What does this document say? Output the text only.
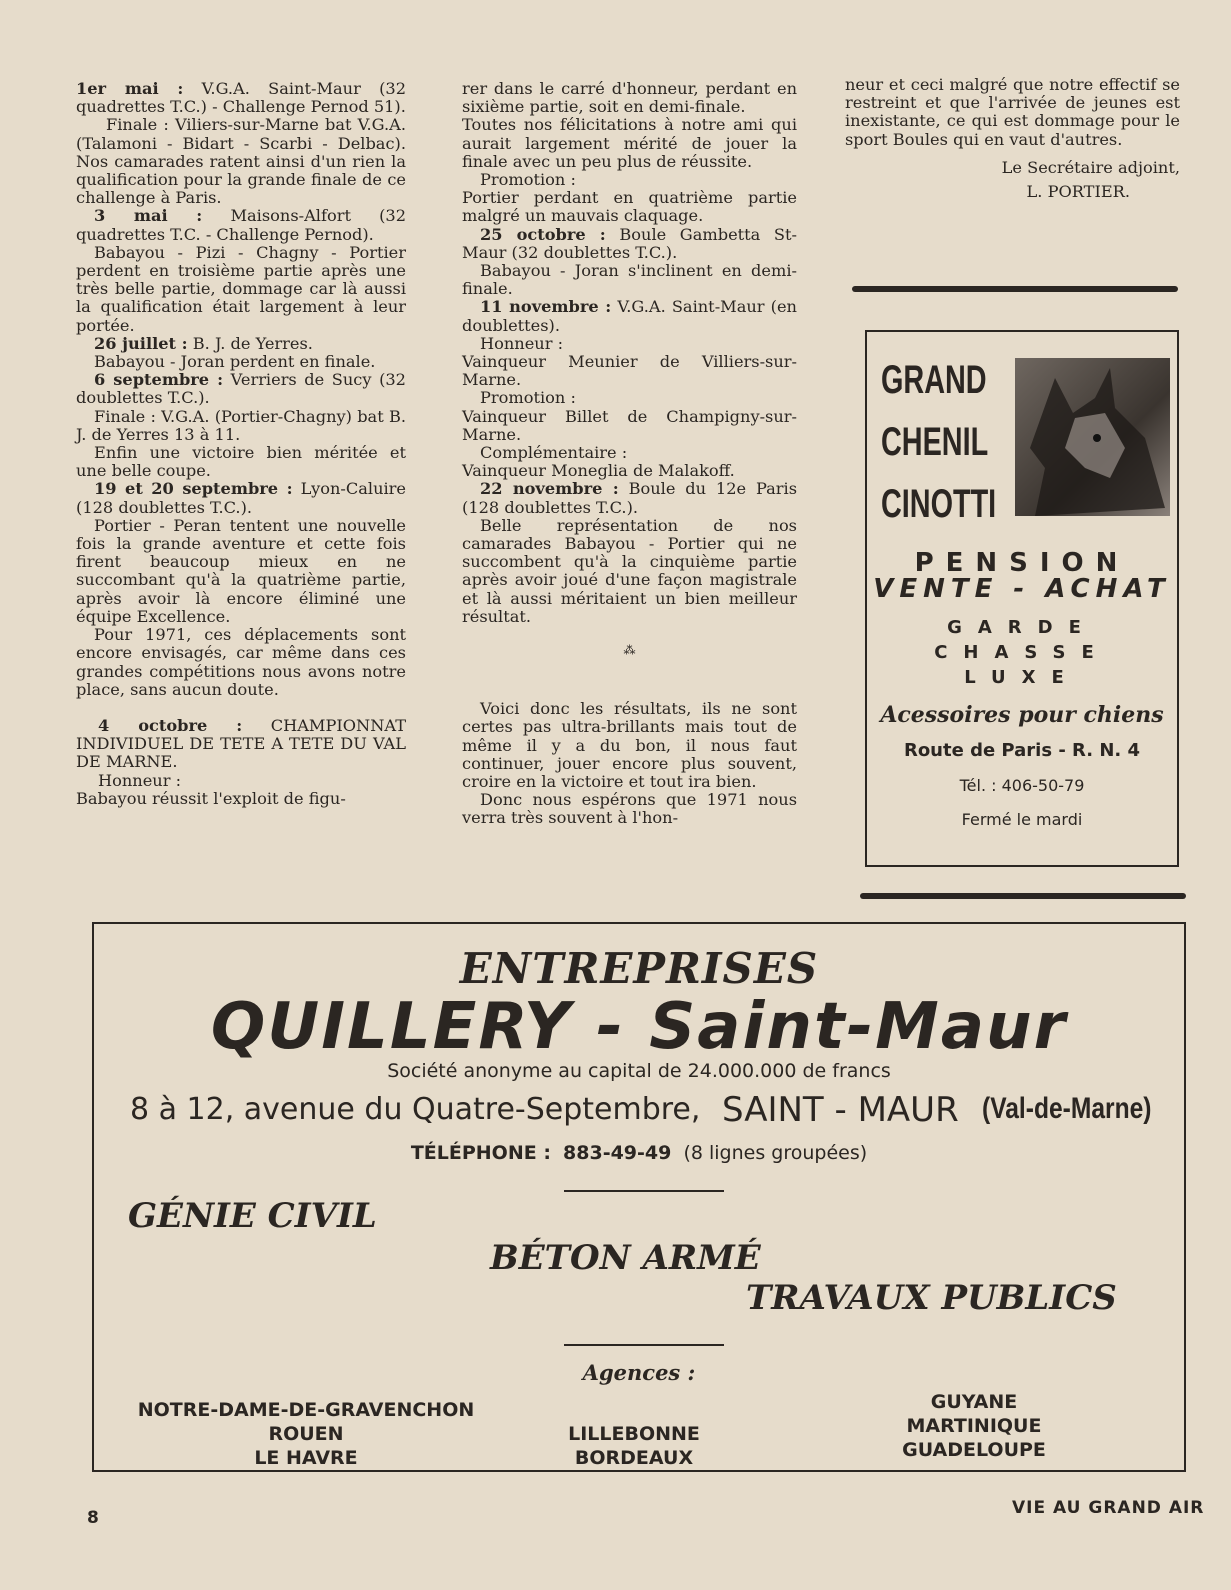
1er mai : V.G.A. Saint-Maur (32 quadrettes T.C.) - Challenge Pernod 51).

Finale : Viliers-sur-Marne bat V.G.A. (Talamoni - Bidart - Scarbi - Delbac). Nos camarades ratent ainsi d'un rien la qualification pour la grande finale de ce challenge à Paris.

3 mai : Maisons-Alfort (32 quadrettes T.C. - Challenge Pernod).

Babayou - Pizi - Chagny - Portier perdent en troisième partie après une très belle partie, dommage car là aussi la qualification était largement à leur portée.

26 juillet : B. J. de Yerres.

Babayou - Joran perdent en finale.

6 septembre : Verriers de Sucy (32 doublettes T.C.).

Finale : V.G.A. (Portier-Chagny) bat B. J. de Yerres 13 à 11.

Enfin une victoire bien méritée et une belle coupe.

19 et 20 septembre : Lyon-Caluire (128 doublettes T.C.).

Portier - Peran tentent une nouvelle fois la grande aventure et cette fois firent beaucoup mieux en ne succombant qu'à la quatrième partie, après avoir là encore éliminé une équipe Excellence.

Pour 1971, ces déplacements sont encore envisagés, car même dans ces grandes compétitions nous avons notre place, sans aucun doute.

4 octobre : CHAMPIONNAT INDIVIDUEL DE TETE A TETE DU VAL DE MARNE.

Honneur :

Babayou réussit l'exploit de figu-

rer dans le carré d'honneur, perdant en sixième partie, soit en demi-finale.

Toutes nos félicitations à notre ami qui aurait largement mérité de jouer la finale avec un peu plus de réussite.

Promotion :

Portier perdant en quatrième partie malgré un mauvais claquage.

25 octobre : Boule Gambetta St-Maur (32 doublettes T.C.).

Babayou - Joran s'inclinent en demi-finale.

11 novembre : V.G.A. Saint-Maur (en doublettes).

Honneur :

Vainqueur Meunier de Villiers-sur-Marne.

Promotion :

Vainqueur Billet de Champigny-sur-Marne.

Complémentaire :

Vainqueur Moneglia de Malakoff.

22 novembre : Boule du 12e Paris (128 doublettes T.C.).

Belle représentation de nos camarades Babayou - Portier qui ne succombent qu'à la cinquième partie après avoir joué d'une façon magistrale et là aussi méritaient un bien meilleur résultat.

⁂

Voici donc les résultats, ils ne sont certes pas ultra-brillants mais tout de même il y a du bon, il nous faut continuer, jouer encore plus souvent, croire en la victoire et tout ira bien.

Donc nous espérons que 1971 nous verra très souvent à l'hon-

neur et ceci malgré que notre effectif se restreint et que l'arrivée de jeunes est inexistante, ce qui est dommage pour le sport Boules qui en vaut d'autres.

Le Secrétaire adjoint,

L. PORTIER.

GRAND
CHENIL
CINOTTI
PENSION
VENTE - ACHAT
GARDE
CHASSE
LUXE
Acessoires pour chiens
Route de Paris - R. N. 4
Tél. : 406-50-79
Fermé le mardi
ENTREPRISES
QUILLERY - Saint-Maur
Société anonyme au capital de 24.000.000 de francs
8 à 12, avenue du Quatre-Septembre, SAINT - MAUR (Val-de-Marne)
TÉLÉPHONE : 883-49-49 (8 lignes groupées)
GÉNIE CIVIL
BÉTON ARMÉ
TRAVAUX PUBLICS
Agences :
NOTRE-DAME-DE-GRAVENCHON
ROUEN
LE HAVRE
LILLEBONNE
BORDEAUX
GUYANE
MARTINIQUE
GUADELOUPE
8	VIE AU GRAND AIR
